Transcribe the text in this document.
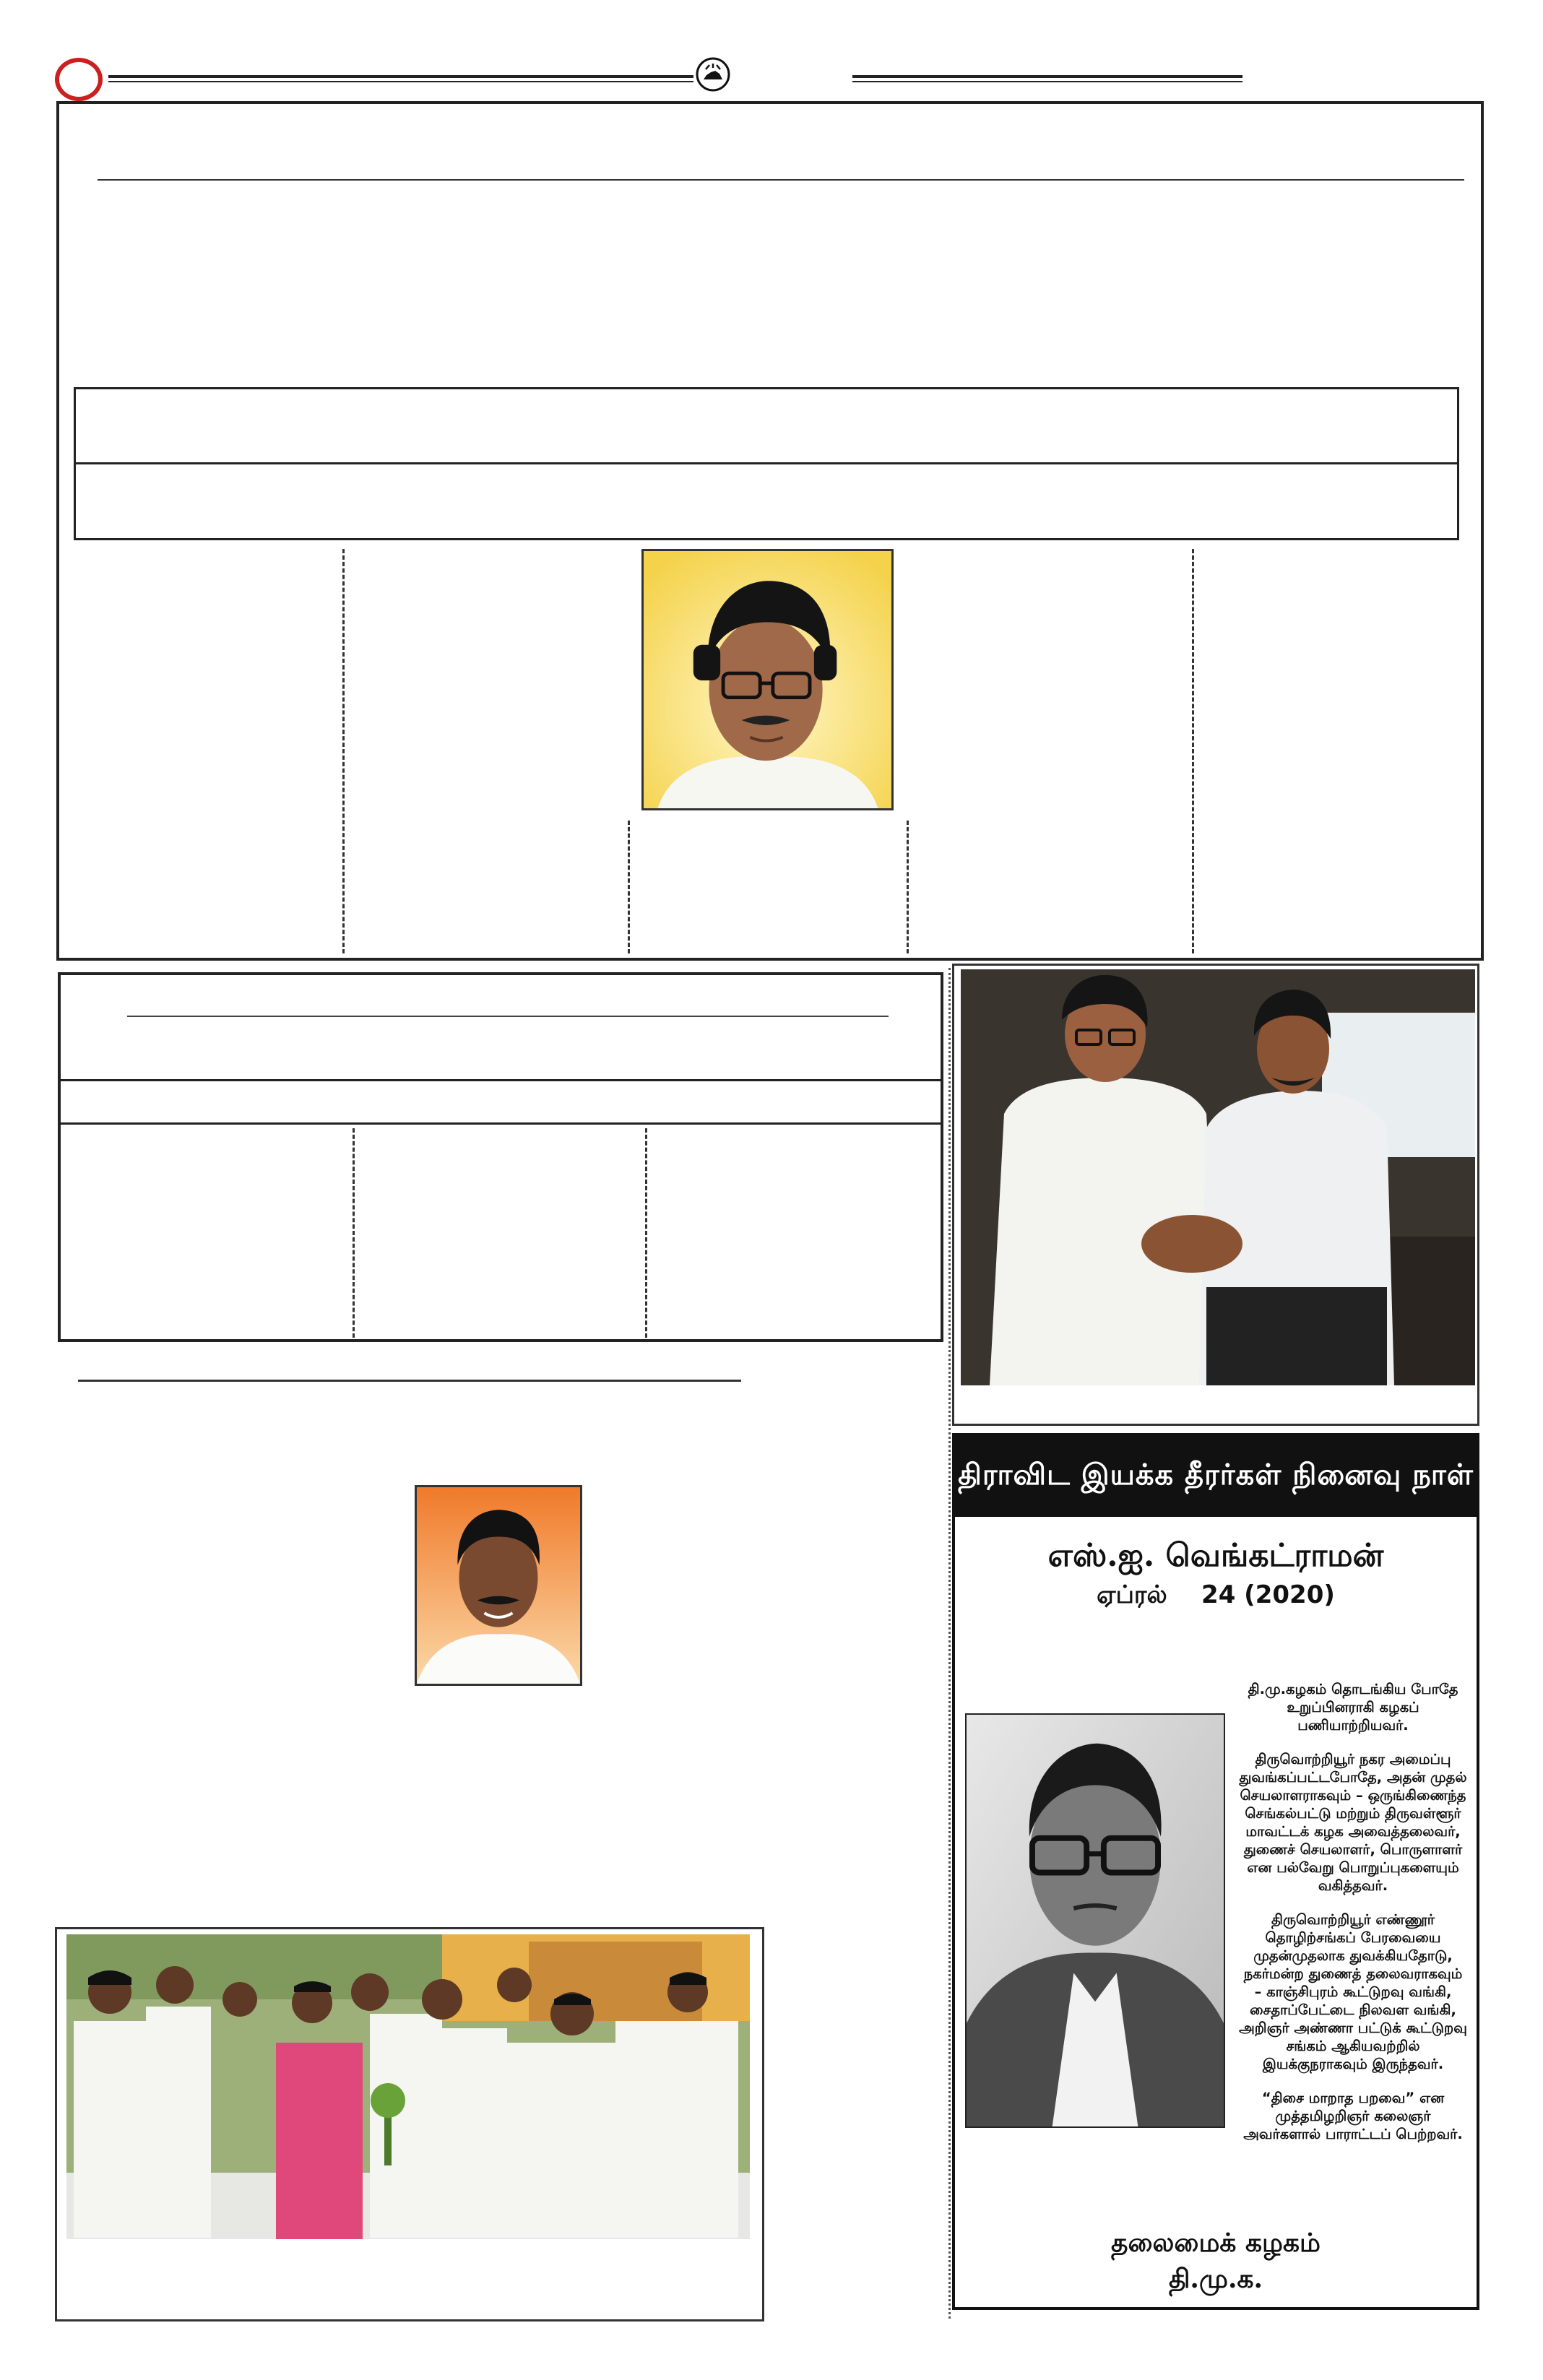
திராவிட இயக்க தீரர்கள் நினைவு நாள்
எஸ்.ஐ. வெங்கட்ராமன்
ஏப்ரல் 24 (2020)

தி.மு.கழகம் தொடங்கிய போதே உறுப்பினராகி கழகப் பணியாற்றியவர்.

திருவொற்றியூர் நகர அமைப்பு துவங்கப்பட்டபோதே, அதன் முதல் செயலாளராகவும் – ஒருங்கிணைந்த செங்கல்பட்டு மற்றும் திருவள்ளூர் மாவட்டக் கழக அவைத்தலைவர், துணைச் செயலாளர், பொருளாளர் என பல்வேறு பொறுப்புகளையும் வகித்தவர்.

திருவொற்றியூர் எண்ணூர் தொழிற்சங்கப் பேரவையை முதன்முதலாக துவக்கியதோடு, நகர்மன்ற துணைத் தலைவராகவும் – காஞ்சிபுரம் கூட்டுறவு வங்கி, சைதாப்பேட்டை நிலவள வங்கி, அறிஞர் அண்ணா பட்டுக் கூட்டுறவு சங்கம் ஆகியவற்றில் இயக்குநராகவும் இருந்தவர்.

“திசை மாறாத பறவை” என முத்தமிழறிஞர் கலைஞர் அவர்களால் பாராட்டப் பெற்றவர்.

தலைமைக் கழகம்
தி.மு.க.
